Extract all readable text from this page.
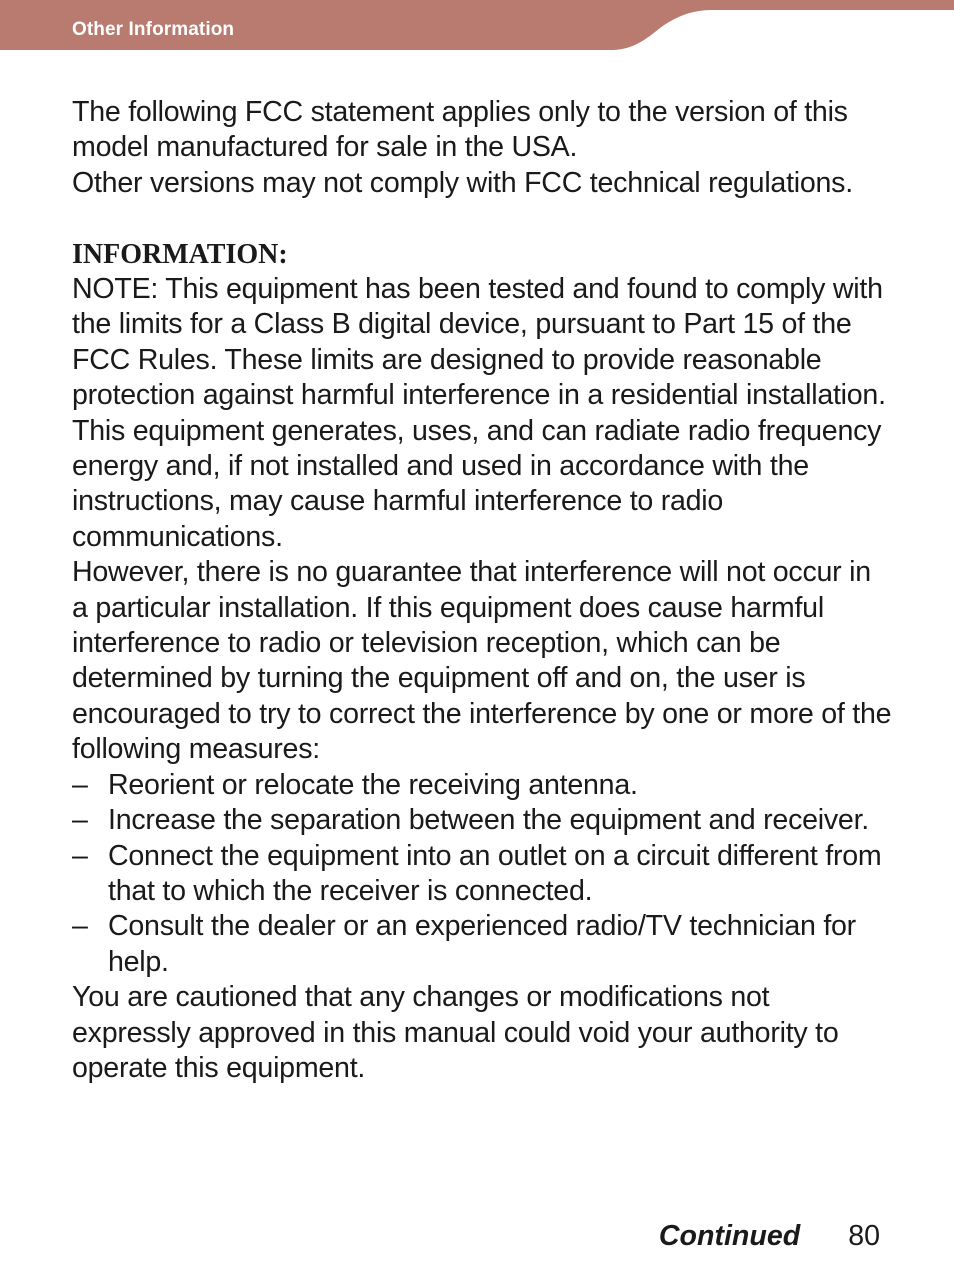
Other Information

The following FCC statement applies only to the version of this model manufactured for sale in the USA.

Other versions may not comply with FCC technical regulations.

INFORMATION:

NOTE: This equipment has been tested and found to comply with the limits for a Class B digital device, pursuant to Part 15 of the FCC Rules. These limits are designed to provide reasonable protection against harmful interference in a residential installation. This equipment generates, uses, and can radiate radio frequency energy and, if not installed and used in accordance with the instructions, may cause harmful interference to radio communications.

However, there is no guarantee that interference will not occur in a particular installation. If this equipment does cause harmful interference to radio or television reception, which can be determined by turning the equipment off and on, the user is encouraged to try to correct the interference by one or more of the following measures:

– Reorient or relocate the receiving antenna.
– Increase the separation between the equipment and receiver.
– Connect the equipment into an outlet on a circuit different from that to which the receiver is connected.
– Consult the dealer or an experienced radio/TV technician for help.

You are cautioned that any changes or modifications not expressly approved in this manual could void your authority to operate this equipment.

Continued 80
